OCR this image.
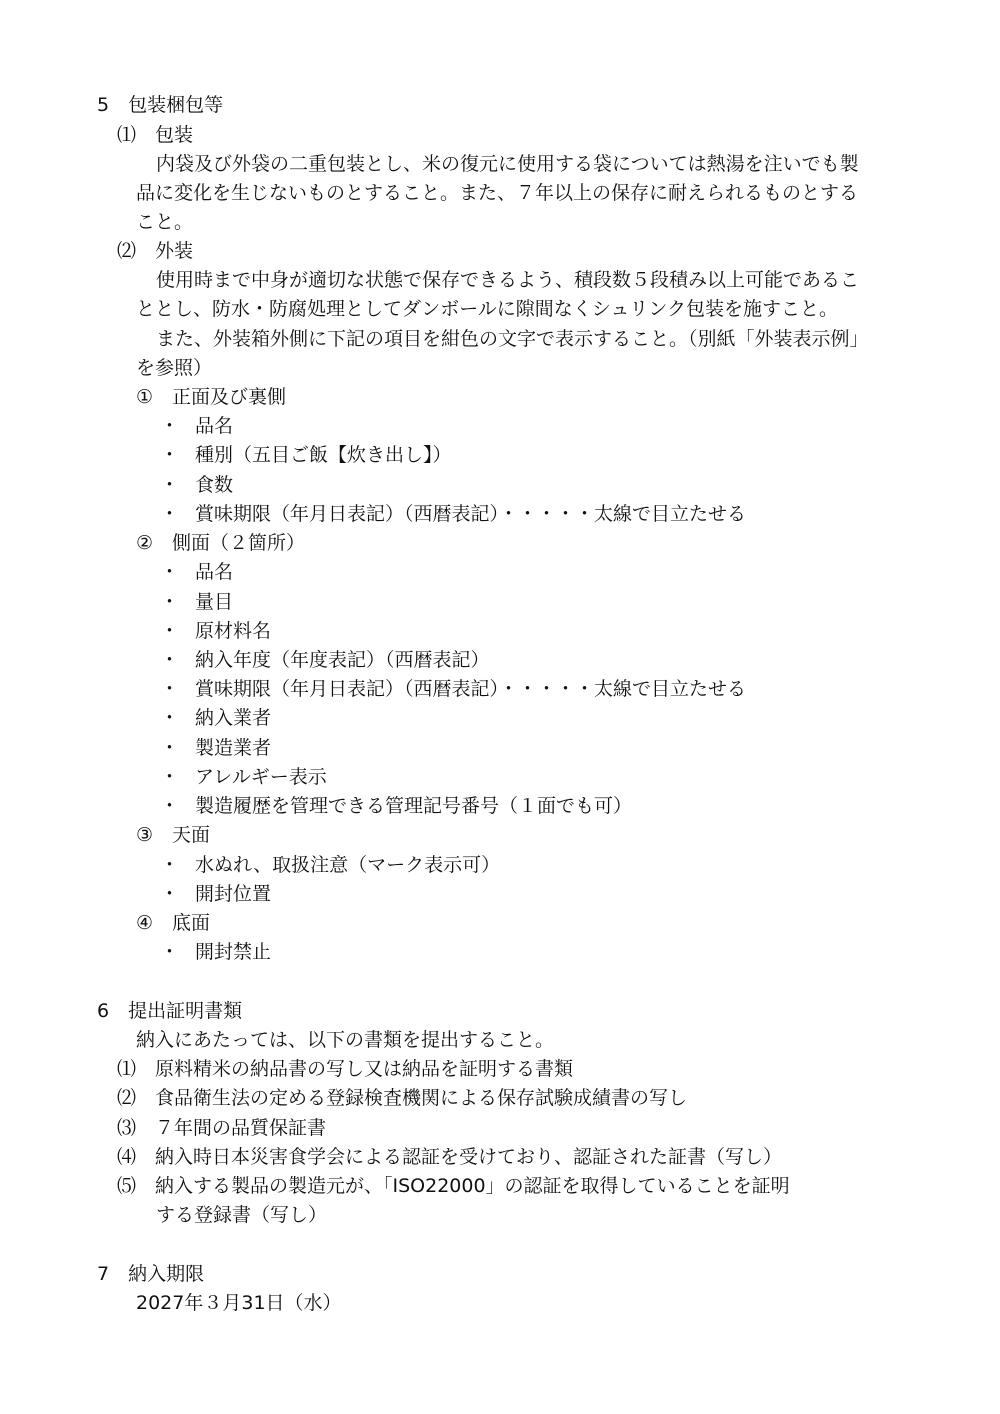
5　包装梱包等
⑴　包装
内袋及び外袋の二重包装とし、米の復元に使用する袋については熱湯を注いでも製
品に変化を生じないものとすること。また、７年以上の保存に耐えられるものとする
こと。
⑵　外装
使用時まで中身が適切な状態で保存できるよう、積段数５段積み以上可能であるこ
ととし、防水・防腐処理としてダンボールに隙間なくシュリンク包装を施すこと。
また、外装箱外側に下記の項目を紺色の文字で表示すること。（別紙「外装表示例」
を参照）
①　正面及び裏側
・ 品名
・ 種別（五目ご飯【炊き出し】）
・ 食数
・ 賞味期限（年月日表記）（西暦表記）・・・・・太線で目立たせる
②　側面（２箇所）
・ 品名
・ 量目
・ 原材料名
・ 納入年度（年度表記）（西暦表記）
・ 賞味期限（年月日表記）（西暦表記）・・・・・太線で目立たせる
・ 納入業者
・ 製造業者
・ アレルギー表示
・ 製造履歴を管理できる管理記号番号（１面でも可）
③　天面
・ 水ぬれ、取扱注意（マーク表示可）
・ 開封位置
④　底面
・ 開封禁止
6　提出証明書類
納入にあたっては、以下の書類を提出すること。
⑴　原料精米の納品書の写し又は納品を証明する書類
⑵　食品衛生法の定める登録検査機関による保存試験成績書の写し
⑶　７年間の品質保証書
⑷　納入時日本災害食学会による認証を受けており、認証された証書（写し）
⑸　納入する製品の製造元が、「ISO22000」の認証を取得していることを証明
する登録書（写し）
7　納入期限
2027年３月31日（水）
